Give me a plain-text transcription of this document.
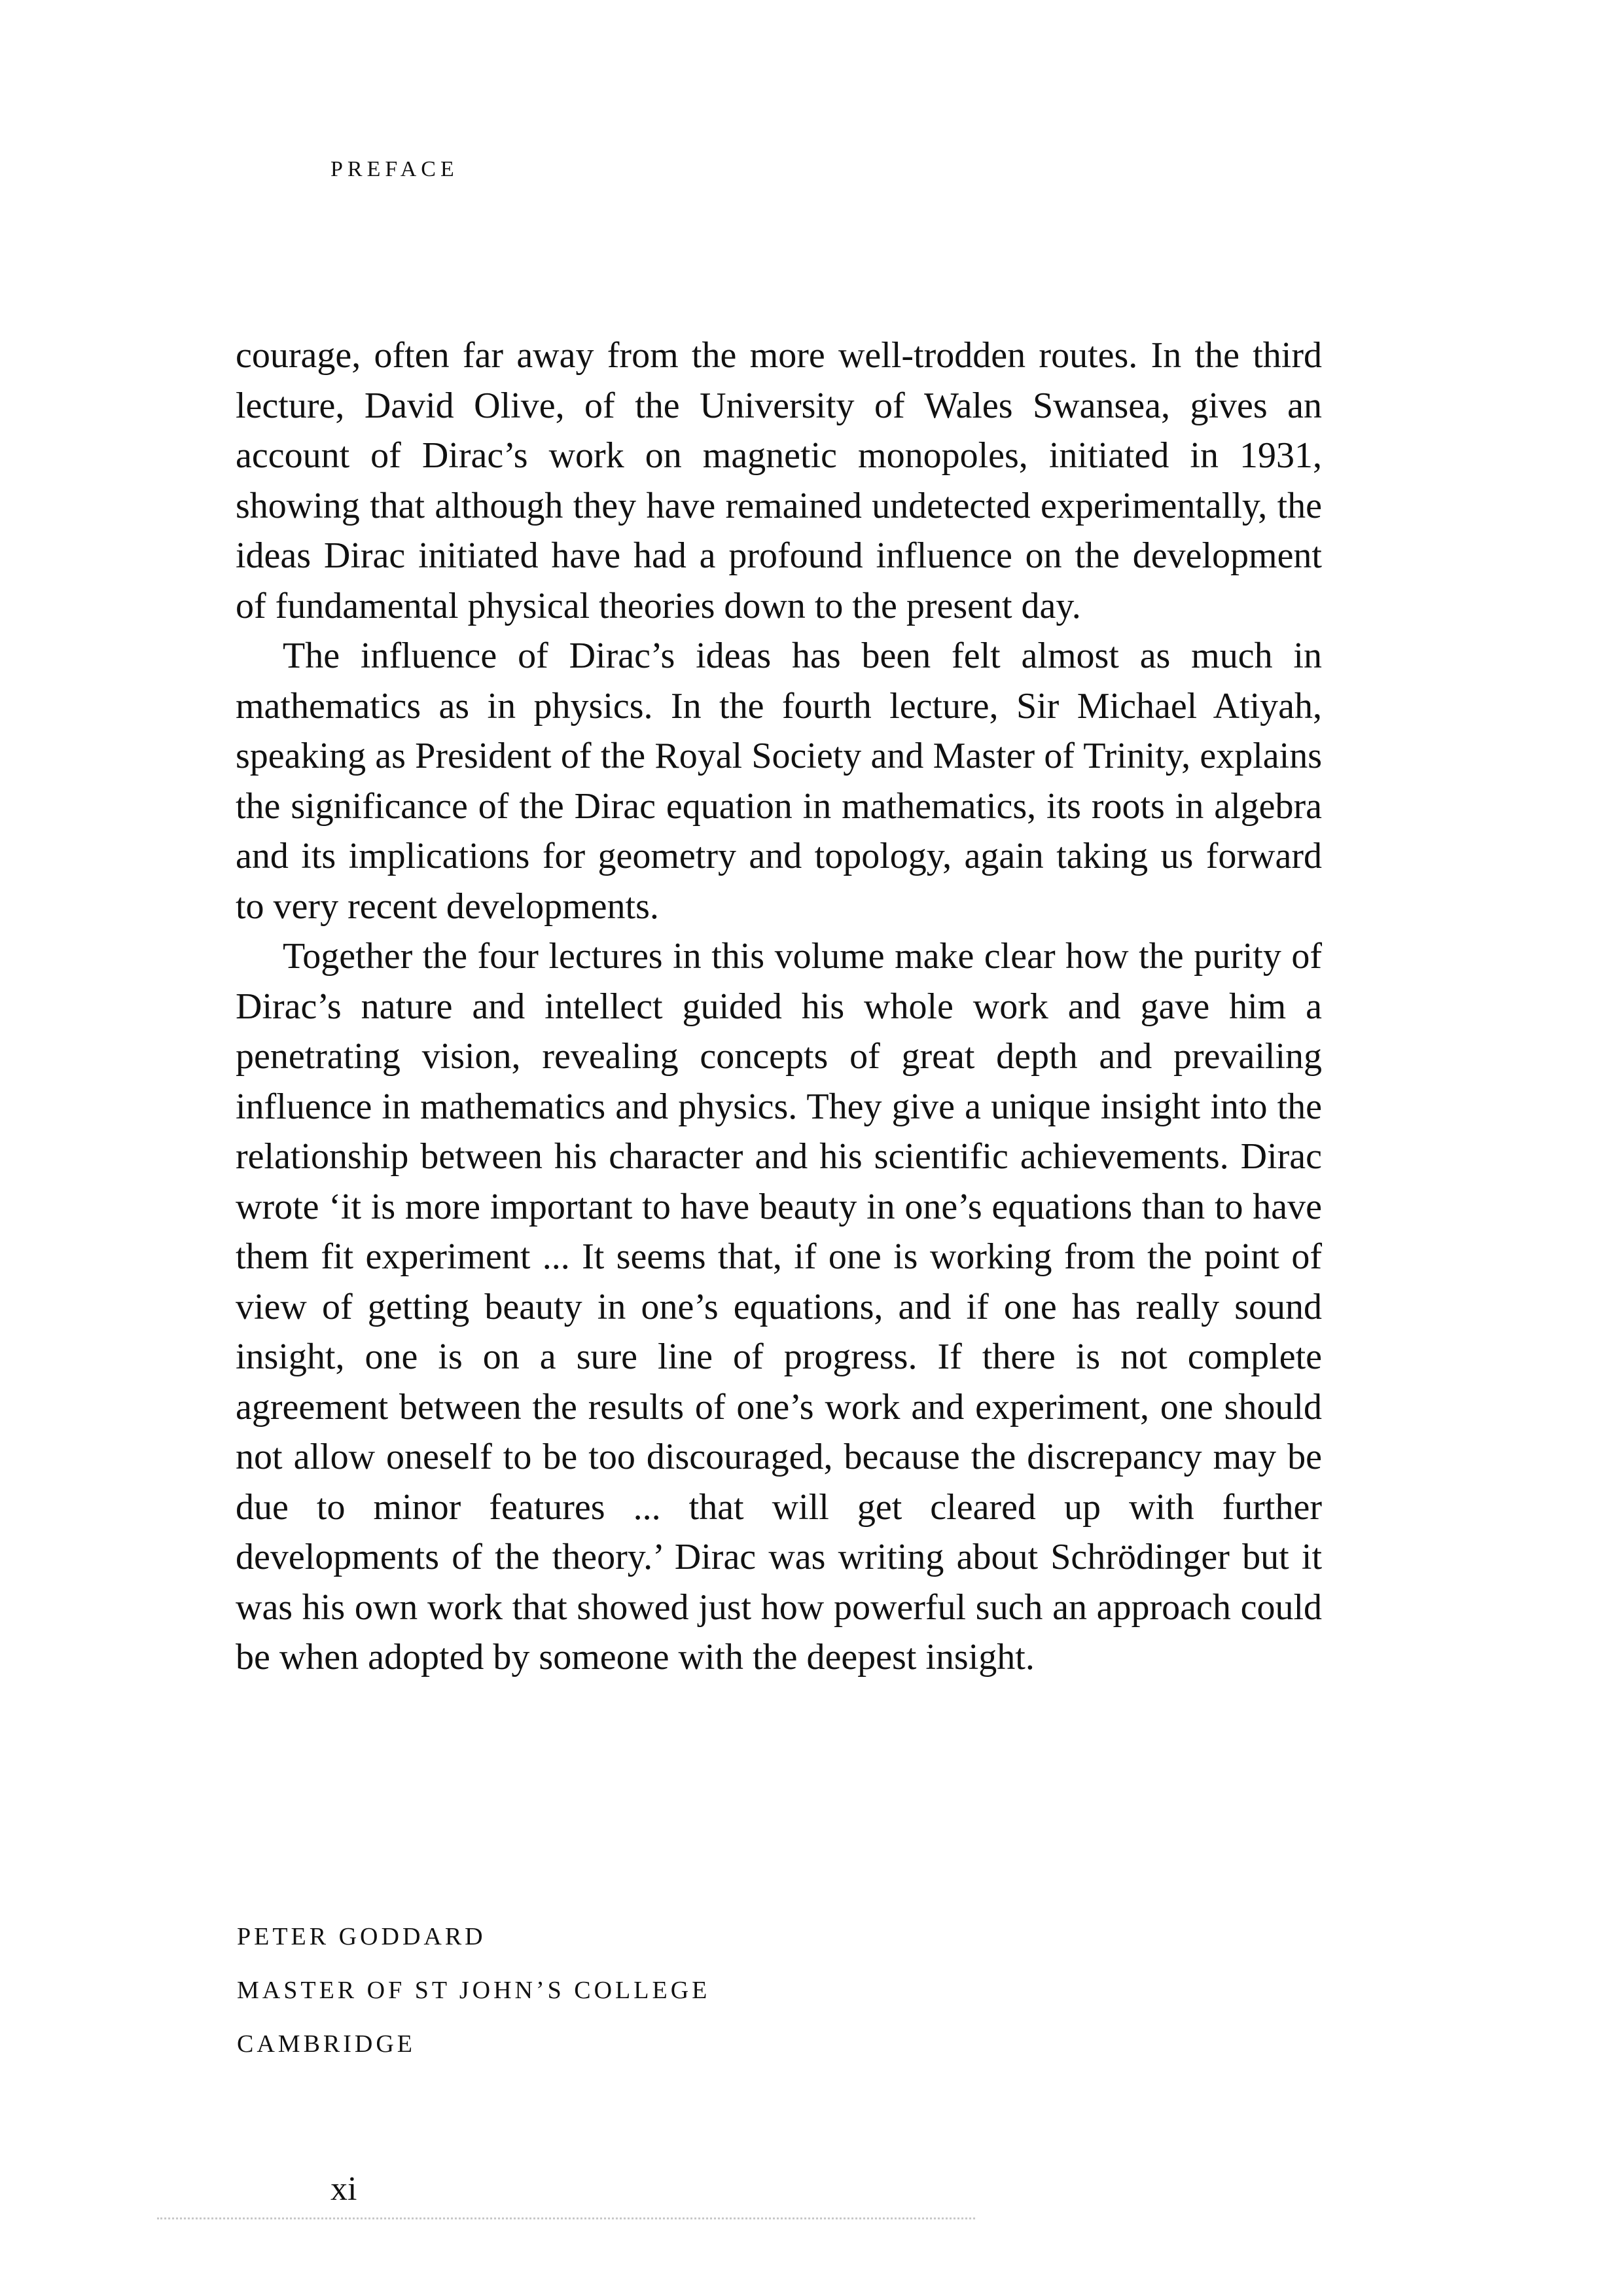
PREFACE

courage, often far away from the more well-trodden routes. In the third lecture, David Olive, of the University of Wales Swansea, gives an account of Dirac’s work on magnetic monopoles, initiated in 1931, showing that although they have remained undetected experimentally, the ideas Dirac initiated have had a profound influence on the development of fundamental physical theories down to the present day.

The influence of Dirac’s ideas has been felt almost as much in mathematics as in physics. In the fourth lecture, Sir Michael Atiyah, speaking as President of the Royal Society and Master of Trinity, explains the significance of the Dirac equation in mathematics, its roots in algebra and its implications for geometry and topology, again taking us forward to very recent developments.

Together the four lectures in this volume make clear how the purity of Dirac’s nature and intellect guided his whole work and gave him a penetrating vision, revealing concepts of great depth and prevailing influence in mathematics and physics. They give a unique insight into the relationship between his character and his scientific achievements. Dirac wrote ‘it is more important to have beauty in one’s equations than to have them fit experiment ... It seems that, if one is working from the point of view of getting beauty in one’s equations, and if one has really sound insight, one is on a sure line of progress. If there is not complete agreement between the results of one’s work and experiment, one should not allow oneself to be too discouraged, because the discrepancy may be due to minor features ... that will get cleared up with further developments of the theory.’ Dirac was writing about Schrödinger but it was his own work that showed just how powerful such an approach could be when adopted by someone with the deepest insight.

PETER GODDARD
MASTER OF ST JOHN’S COLLEGE
CAMBRIDGE
xi
